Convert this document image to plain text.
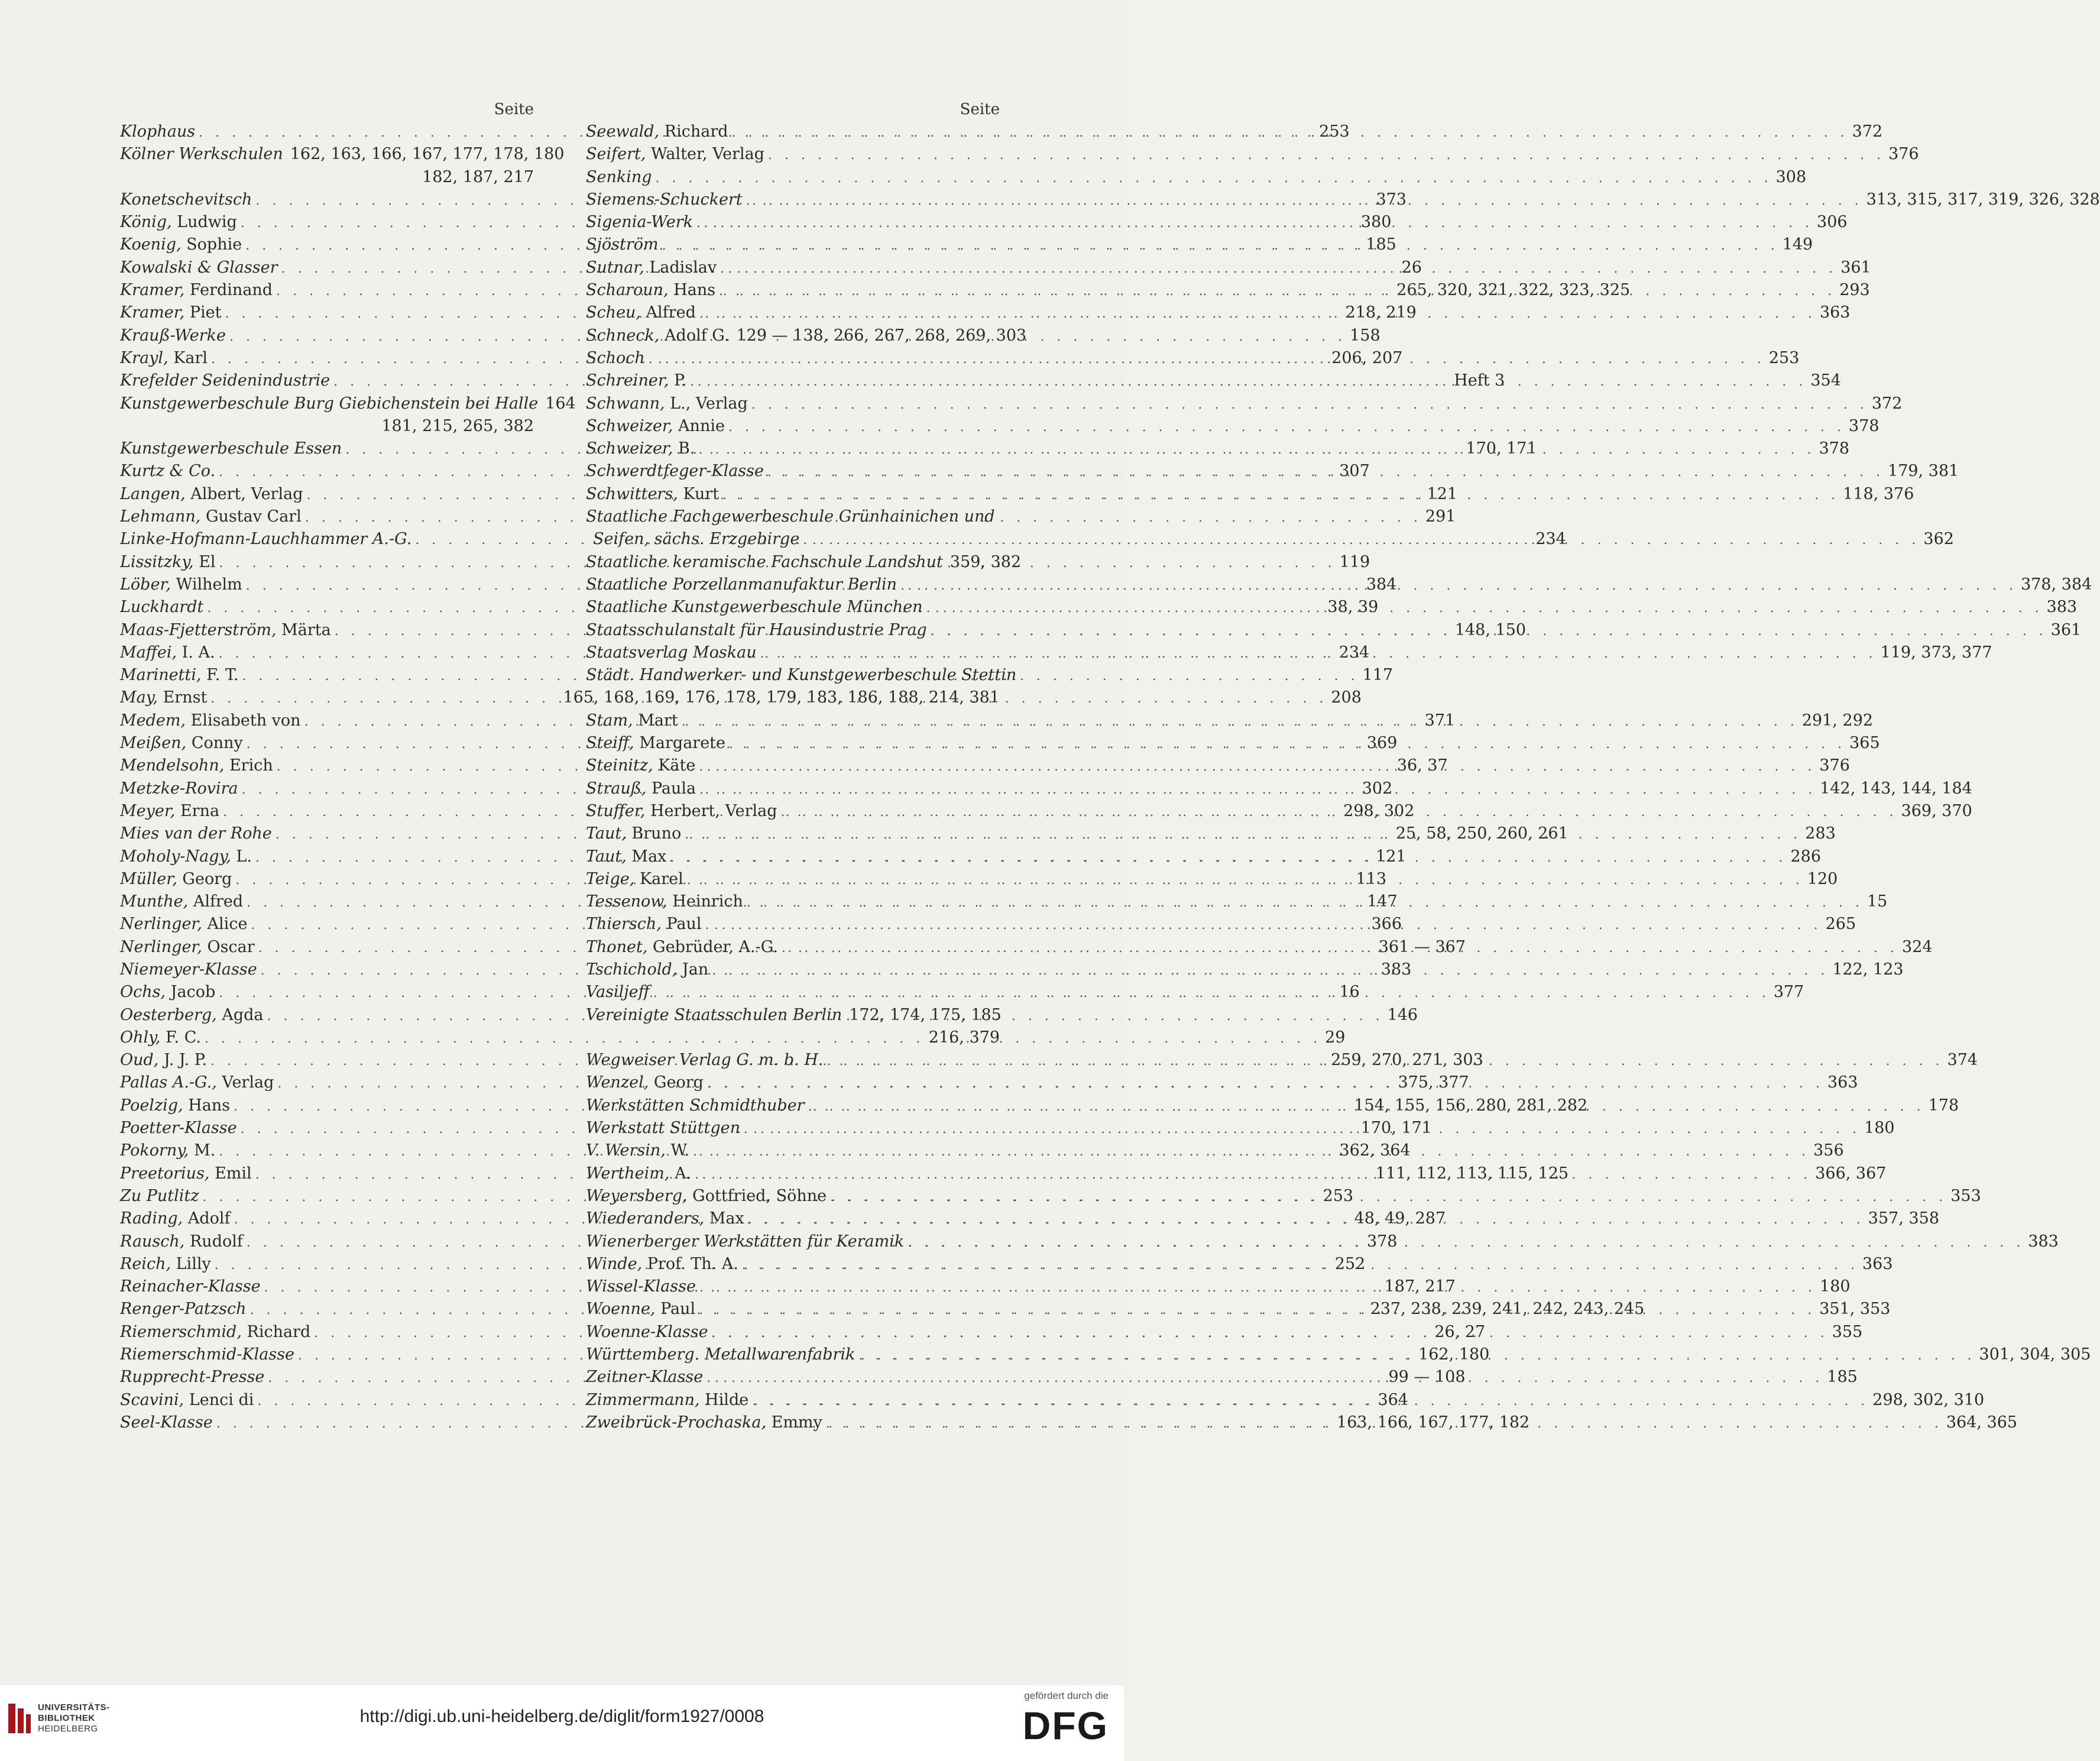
Seite
Klophaus . . .	253
Kölner Werkschulen 162, 163, 166, 167, 177, 178, 180
182, 187, 217
Konetschevitsch . . .	373
König, Ludwig . . .	380
Koenig, Sophie . . .	185
Kowalski & Glasser . . .	26
Kramer, Ferdinand . . .	265, 320, 321, 322, 323, 325
Kramer, Piet . . .	218, 219
Krauß-Werke . . .	158
Krayl, Karl . . .	206, 207
Krefelder Seidenindustrie . . .	Heft 3
Kunstgewerbeschule Burg Giebichenstein bei Halle 164
181, 215, 265, 382
Kunstgewerbeschule Essen . . .	170, 171
Kurtz & Co. . . .	307
Langen, Albert, Verlag . . .	121
Lehmann, Gustav Carl . . .	291
Linke-Hofmann-Lauchhammer A.-G. . . .	234
Lissitzky, El . . .	119
Löber, Wilhelm . . .	384
Luckhardt . . .	38, 39
Maas-Fjetterström, Märta . . .	148, 150
Maffei, I. A. . . .	234
Marinetti, F. T. . . .	117
May, Ernst . . .	208
Medem, Elisabeth von . . .	371
Meißen, Conny . . .	369
Mendelsohn, Erich . . .	36, 37
Metzke-Rovira . . .	302
Meyer, Erna . . .	298, 302
Mies van der Rohe . . .	25, 58, 250, 260, 261
Moholy-Nagy, L. . . .	121
Müller, Georg . . .	113
Munthe, Alfred . . .	147
Nerlinger, Alice . . .	366
Nerlinger, Oscar . . .	361 — 367
Niemeyer-Klasse . . .	383
Ochs, Jacob . . .	16
Oesterberg, Agda . . .	146
Ohly, F. C. . . .	29
Oud, J. J. P. . . .	259, 270, 271, 303
Pallas A.-G., Verlag . . .	375, 377
Poelzig, Hans . . .	154, 155, 156, 280, 281, 282
Poetter-Klasse . . .	170, 171
Pokorny, M. . . .	362, 364
Preetorius, Emil . . .	111, 112, 113, 115, 125
Zu Putlitz . . .	253
Rading, Adolf . . .	48, 49, 287
Rausch, Rudolf . . .	378
Reich, Lilly . . .	252
Reinacher-Klasse . . .	187, 217
Renger-Patzsch . . .	237, 238, 239, 241, 242, 243, 245
Riemerschmid, Richard . . .	26, 27
Riemerschmid-Klasse . . .	162, 180
Rupprecht-Presse . . .	99 — 108
Scavini, Lenci di . . .	364
Seel-Klasse . . .	163, 166, 167, 177, 182
Seite
Seewald, Richard . . .	372
Seifert, Walter, Verlag . . .	376
Senking . . .	308
Siemens-Schuckert . . .	313, 315, 317, 319, 326, 328
Sigenia-Werk . . .	306
Sjöström . . .	149
Sutnar, Ladislav . . .	361
Scharoun, Hans . . .	293
Scheu, Alfred . . .	363
Schneck, Adolf G. 129 — 138, 266, 267, 268, 269, 303
Schoch . . .	253
Schreiner, P. . . .	354
Schwann, L., Verlag . . .	372
Schweizer, Annie . . .	378
Schweizer, B. . . .	378
Schwerdtfeger-Klasse . . .	179, 381
Schwitters, Kurt . . .	118, 376
Staatliche Fachgewerbeschule Grünhainichen und
Seifen, sächs. Erzgebirge . . .	362
Staatliche keramische Fachschule Landshut 359, 382
Staatliche Porzellanmanufaktur Berlin . . .	378, 384
Staatliche Kunstgewerbeschule München . . .	383
Staatsschulanstalt für Hausindustrie Prag . . .	361
Staatsverlag Moskau . . .	119, 373, 377
Städt. Handwerker- und Kunstgewerbeschule Stettin
165, 168, 169, 176, 178, 179, 183, 186, 188, 214, 381
Stam, Mart . . .	291, 292
Steiff, Margarete . . .	365
Steinitz, Käte . . .	376
Strauß, Paula . . .	142, 143, 144, 184
Stuffer, Herbert, Verlag . . .	369, 370
Taut, Bruno . . .	283
Taut, Max . . .	286
Teige, Karel . . .	120
Tessenow, Heinrich . . .	15
Thiersch, Paul . . .	265
Thonet, Gebrüder, A.-G. . . .	324
Tschichold, Jan . . .	122, 123
Vasiljeff . . .	377
Vereinigte Staatsschulen Berlin 172, 174, 175, 185
216, 379
Wegweiser Verlag G. m. b. H. . . .	374
Wenzel, Georg . . .	363
Werkstätten Schmidthuber . . .	178
Werkstatt Stüttgen . . .	180
V. Wersin, W. . . .	356
Wertheim, A. . . .	366, 367
Weyersberg, Gottfried, Söhne . . .	353
Wiederanders, Max . . .	357, 358
Wienerberger Werkstätten für Keramik . . .	383
Winde, Prof. Th. A. . . .	363
Wissel-Klasse . . .	180
Woenne, Paul . . .	351, 353
Woenne-Klasse . . .	355
Württemberg. Metallwarenfabrik . . .	301, 304, 305
Zeitner-Klasse . . .	185
Zimmermann, Hilde . . .	298, 302, 310
Zweibrück-Prochaska, Emmy . . .	364, 365
UNIVERSITÄTS-
BIBLIOTHEK
HEIDELBERG
http://digi.ub.uni-heidelberg.de/diglit/form1927/0008
gefördert durch die
DFG
